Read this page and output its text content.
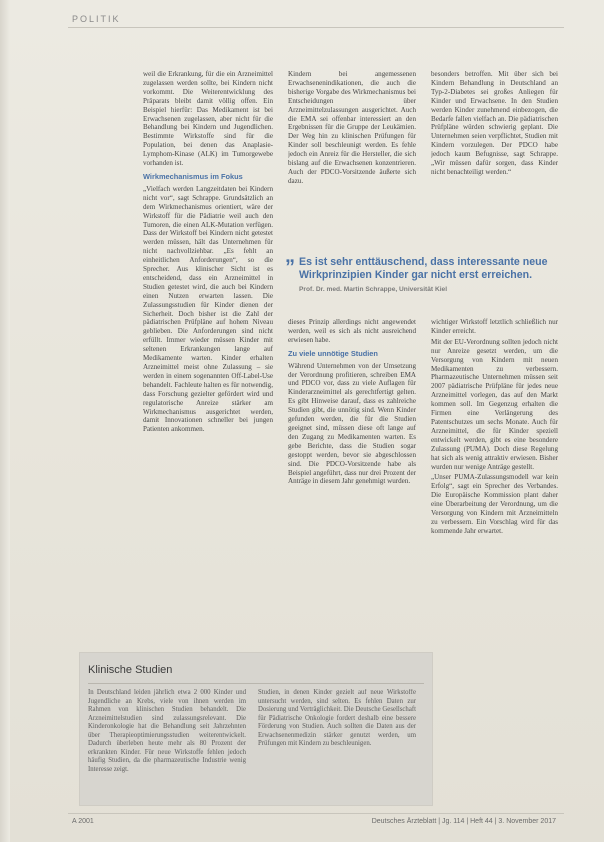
POLITIK

weil die Erkrankung, für die ein Arzneimittel zugelassen werden sollte, bei Kindern nicht vorkommt. Die Weiterentwicklung des Präparats bleibt damit völlig offen. Ein Beispiel hierfür: Das Medikament ist bei Erwachsenen zugelassen, aber nicht für die Behandlung bei Kindern und Jugendlichen. Bestimmte Wirkstoffe sind für die Population, bei denen das Anaplasie-Lymphom-Kinase (ALK) im Tumorgewebe vorhanden ist.

Wirkmechanismus im Fokus

„Vielfach werden Langzeitdaten bei Kindern nicht vor“, sagt Schrappe. Grundsätzlich an dem Wirkmechanismus orientiert, wäre der Wirkstoff für die Pädiatrie weil auch den Tumoren, die einen ALK-Mutation verfügen. Dass der Wirkstoff bei Kindern nicht getestet werden müssen, hält das Unternehmen für nicht nachvollziehbar. „Es fehlt an einheitlichen Anforderungen“, so die Sprecher. Aus klinischer Sicht ist es entscheidend, dass ein Arzneimittel in Studien getestet wird, die auch bei Kindern einen Nutzen erwarten lassen. Die Zulassungsstudien für Kinder dienen der Sicherheit. Doch bisher ist die Zahl der pädiatrischen Prüfpläne auf hohem Niveau geblieben. Die Anforderungen sind nicht erfüllt. Immer wieder müssen Kinder mit seltenen Erkrankungen lange auf Medikamente warten. Kinder erhalten Arzneimittel meist ohne Zulassung – sie werden in einem sogenannten Off-Label-Use behandelt. Fachleute halten es für notwendig, dass Forschung gezielter gefördert wird und regulatorische Anreize stärker am Wirkmechanismus ausgerichtet werden, damit Innovationen schneller bei jungen Patienten ankommen.

Kindern bei angemessenen Erwachsenenindikationen, die auch die bisherige Vorgabe des Wirkmechanismus bei Entscheidungen über Arzneimittelzulassungen ausgerichtet. Auch die EMA sei offenbar interessiert an den Ergebnissen für die Gruppe der Leukämien. Der Weg hin zu klinischen Prüfungen für Kinder soll beschleunigt werden. Es fehle jedoch ein Anreiz für die Hersteller, die sich bislang auf die Erwachsenen konzentrieren. Auch der PDCO-Vorsitzende äußerte sich dazu.

besonders betroffen. Mit über sich bei Kindern Behandlung in Deutschland an Typ-2-Diabetes sei großes Anliegen für Kinder und Erwachsene. In den Studien werden Kinder zunehmend einbezogen, die Bedarfe fallen vielfach an. Die pädiatrischen Prüfpläne würden schwierig geplant. Die Unternehmen seien verpflichtet, Studien mit Kindern vorzulegen. Der PDCO habe jedoch kaum Befugnisse, sagt Schrappe. „Wir müssen dafür sorgen, dass Kinder nicht benachteiligt werden.“

„ Es ist sehr enttäuschend, dass interessante neue Wirkprinzipien Kinder gar nicht erst erreichen.
Prof. Dr. med. Martin Schrappe, Universität Kiel

dieses Prinzip allerdings nicht angewendet werden, weil es sich als nicht ausreichend erwiesen habe.

Zu viele unnötige Studien

Während Unternehmen von der Umsetzung der Verordnung profitieren, schreiben EMA und PDCO vor, dass zu viele Auflagen für Kinderarzneimittel als gerechtfertigt gelten. Es gibt Hinweise darauf, dass es zahlreiche Studien gibt, die unnötig sind. Wenn Kinder gefunden werden, die für die Studien geeignet sind, müssen diese oft lange auf den Zugang zu Medikamenten warten. Es gebe Berichte, dass die Studien sogar gestoppt werden, bevor sie abgeschlossen sind. Die PDCO-Vorsitzende habe als Beispiel angeführt, dass nur drei Prozent der Anträge in diesem Jahr genehmigt wurden.

wichtiger Wirkstoff letztlich schließlich nur Kinder erreicht.

Mit der EU-Verordnung sollten jedoch nicht nur Anreize gesetzt werden, um die Versorgung von Kindern mit neuen Medikamenten zu verbessern. Pharmazeutische Unternehmen müssen seit 2007 pädiatrische Prüfpläne für jedes neue Arzneimittel vorlegen, das auf den Markt kommen soll. Im Gegenzug erhalten die Firmen eine Verlängerung des Patentschutzes um sechs Monate. Auch für Arzneimittel, die für Kinder speziell entwickelt werden, gibt es eine besondere Zulassung (PUMA). Doch diese Regelung hat sich als wenig attraktiv erwiesen. Bisher wurden nur wenige Anträge gestellt.

„Unser PUMA-Zulassungsmodell war kein Erfolg“, sagt ein Sprecher des Verbandes. Die Europäische Kommission plant daher eine Überarbeitung der Verordnung, um die Versorgung von Kindern mit Arzneimitteln zu verbessern. Ein Vorschlag wird für das kommende Jahr erwartet.

Klinische Studien

In Deutschland leiden jährlich etwa 2 000 Kinder und Jugendliche an Krebs, viele von ihnen werden im Rahmen von klinischen Studien behandelt. Die Arzneimittelstudien sind zulassungsrelevant. Die Kinderonkologie hat die Behandlung seit Jahrzehnten über Therapieoptimierungsstudien weiterentwickelt. Dadurch überleben heute mehr als 80 Prozent der erkrankten Kinder. Für neue Wirkstoffe fehlen jedoch häufig Studien, da die pharmazeutische Industrie wenig Interesse zeigt.

Studien, in denen Kinder gezielt auf neue Wirkstoffe untersucht werden, sind selten. Es fehlen Daten zur Dosierung und Verträglichkeit. Die Deutsche Gesellschaft für Pädiatrische Onkologie fordert deshalb eine bessere Förderung von Studien. Auch sollten die Daten aus der Erwachsenenmedizin stärker genutzt werden, um Prüfungen mit Kindern zu beschleunigen.

A 2001	Deutsches Ärzteblatt | Jg. 114 | Heft 44 | 3. November 2017
